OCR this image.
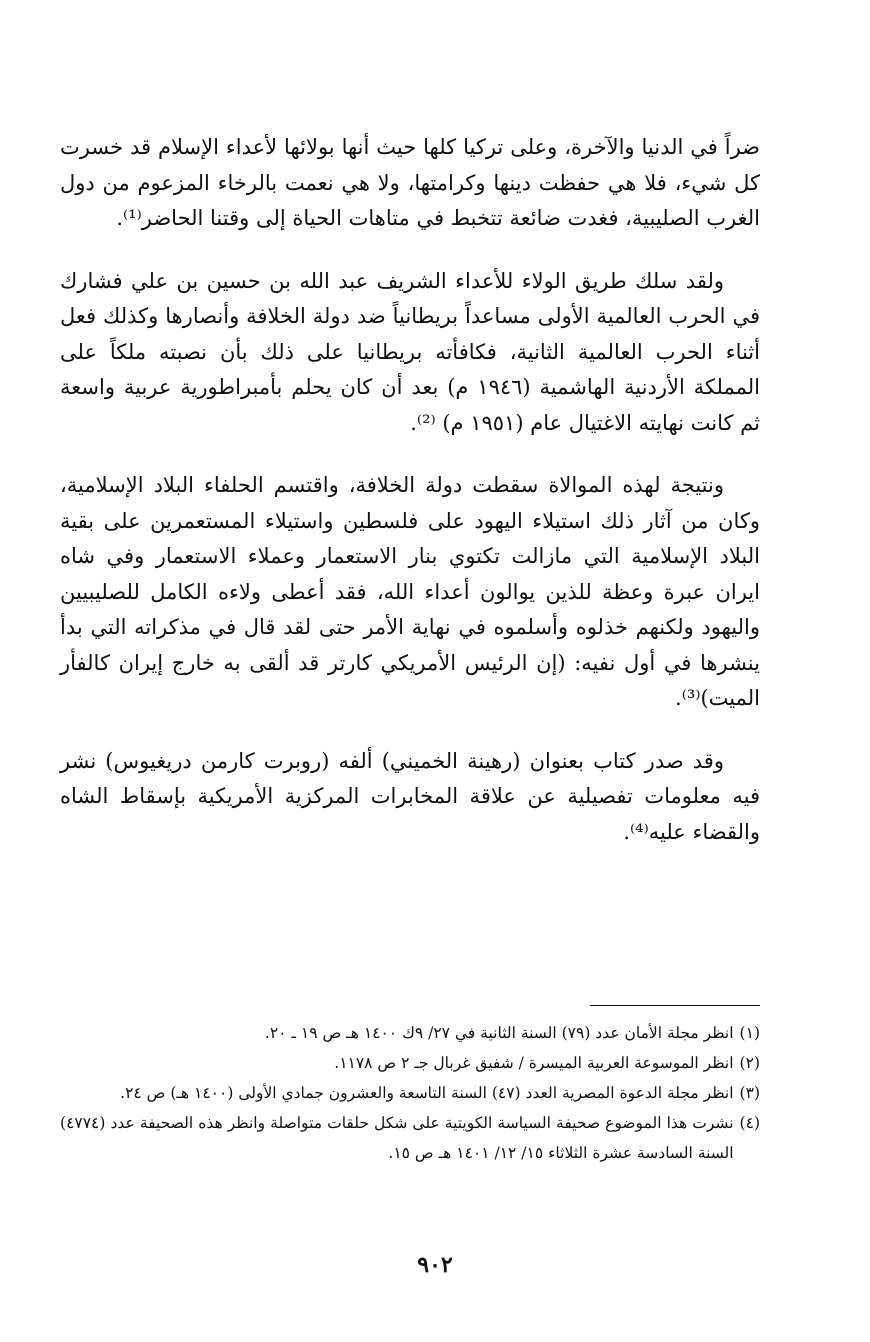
ضراً في الدنيا والآخرة، وعلى تركيا كلها حيث أنها بولائها لأعداء الإسلام قد خسرت كل شيء، فلا هي حفظت دينها وكرامتها، ولا هي نعمت بالرخاء المزعوم من دول الغرب الصليبية، فغدت ضائعة تتخبط في متاهات الحياة إلى وقتنا الحاضر⁽¹⁾.

ولقد سلك طريق الولاء للأعداء الشريف عبد الله بن حسين بن علي فشارك في الحرب العالمية الأولى مساعداً بريطانياً ضد دولة الخلافة وأنصارها وكذلك فعل أثناء الحرب العالمية الثانية، فكافأته بريطانيا على ذلك بأن نصبته ملكاً على المملكة الأردنية الهاشمية (١٩٤٦ م) بعد أن كان يحلم بأمبراطورية عربية واسعة ثم كانت نهايته الاغتيال عام (١٩٥١ م) ⁽²⁾.

ونتيجة لهذه الموالاة سقطت دولة الخلافة، واقتسم الحلفاء البلاد الإسلامية، وكان من آثار ذلك استيلاء اليهود على فلسطين واستيلاء المستعمرين على بقية البلاد الإسلامية التي مازالت تكتوي بنار الاستعمار وعملاء الاستعمار وفي شاه ايران عبرة وعظة للذين يوالون أعداء الله، فقد أعطى ولاءه الكامل للصليبيين واليهود ولكنهم خذلوه وأسلموه في نهاية الأمر حتى لقد قال في مذكراته التي بدأ ينشرها في أول نفيه: (إن الرئيس الأمريكي كارتر قد ألقى به خارج إيران كالفأر الميت)⁽³⁾.

وقد صدر كتاب بعنوان (رهينة الخميني) ألفه (روبرت كارمن دريغيوس) نشر فيه معلومات تفصيلية عن علاقة المخابرات المركزية الأمريكية بإسقاط الشاه والقضاء عليه⁽⁴⁾.

(١)
انظر مجلة الأمان عدد (٧٩) السنة الثانية في ٢٧/ ٩ك ١٤٠٠ هـ ص ١٩ ـ ٢٠.
(٢)
انظر الموسوعة العربية الميسرة / شفيق غربال جـ ٢ ص ١١٧٨.
(٣)
انظر مجلة الدعوة المصرية العدد (٤٧) السنة التاسعة والعشرون جمادي الأولى (١٤٠٠ هـ) ص ٢٤.
(٤)
نشرت هذا الموضوع صحيفة السياسة الكويتية على شكل حلقات متواصلة وانظر هذه الصحيفة عدد (٤٧٧٤) السنة السادسة عشرة الثلاثاء ١٥/ ١٢/ ١٤٠١ هـ ص ١٥.
٩٠٢
